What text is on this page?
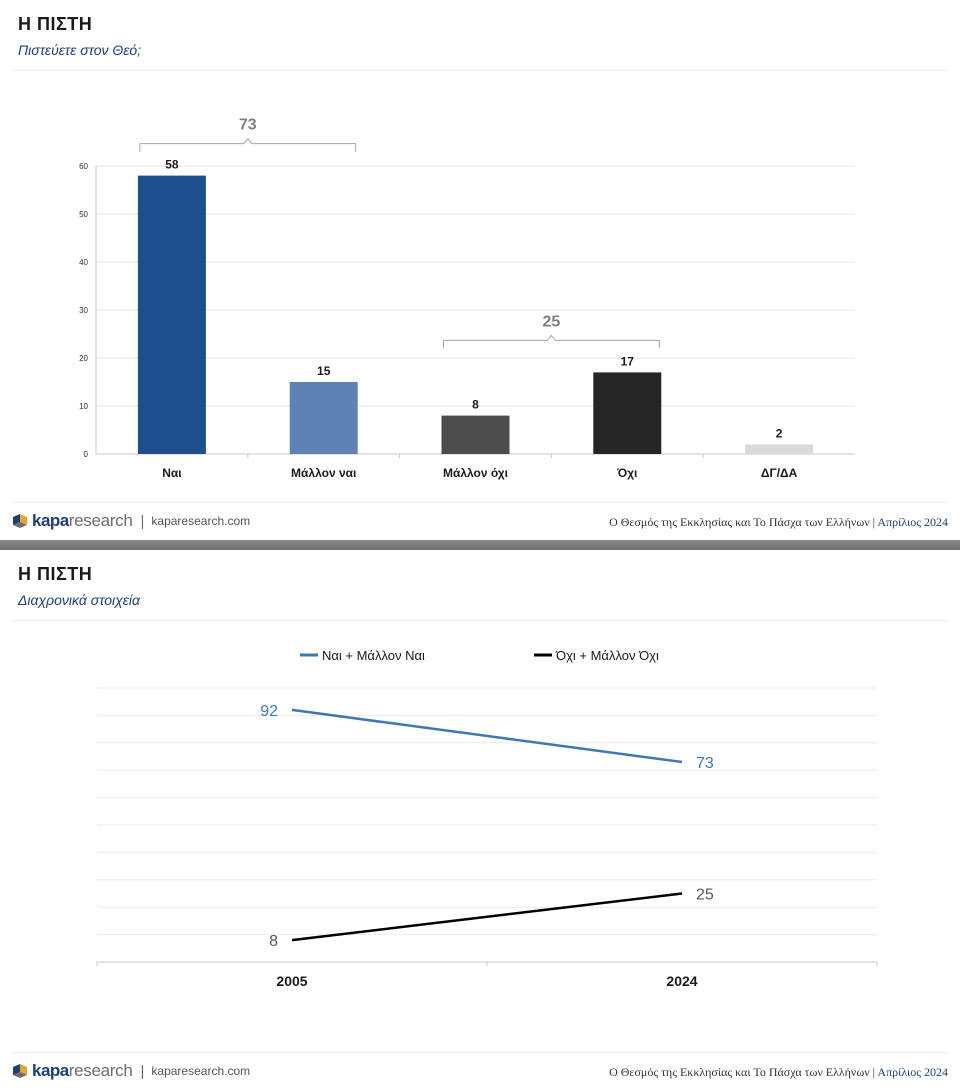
Η ΠΙΣΤΗ
Πιστεύετε στον Θεό;
0
10
20
30
40
50
60	58
Ναι
15
Μάλλον ναι
8
Μάλλον όχι
17
Όχι
2
ΔΓ/ΔΑ
73
25
kapa research | kaparesearch.com	Ο Θεσμός της Εκκλησίας και Το Πάσχα των Ελλήνων | Απρίλιος 2024
Η ΠΙΣΤΗ
Διαχρονικά στοιχεία
2005	2024
Ναι + Μάλλον Ναι	Όχι + Μάλλον Όχι
92
73
8
25
kapa research | kaparesearch.com	Ο Θεσμός της Εκκλησίας και Το Πάσχα των Ελλήνων | Απρίλιος 2024
